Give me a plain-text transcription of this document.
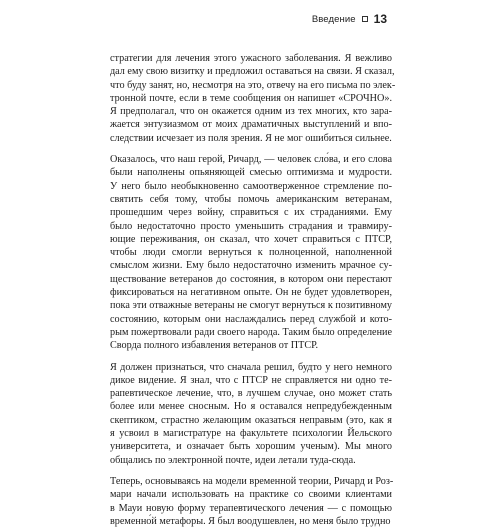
Введение 13

стратегии для лечения этого ужасного заболевания. Я вежливо
дал ему свою визитку и предложил оставаться на связи. Я сказал,
что буду занят, но, несмотря на это, отвечу на его письма по элек-
тронной почте, если в теме сообщения он напишет «СРОЧНО».
Я предполагал, что он окажется одним из тех многих, кто зара-
жается энтузиазмом от моих драматичных выступлений и впо-
следствии исчезает из поля зрения. Я не мог ошибиться сильнее.

Оказалось, что наш герой, Ричард, — человек сло́ва, и его слова
были наполнены опьяняющей смесью оптимизма и мудрости.
У него было необыкновенно самоотверженное стремление по-
святить себя тому, чтобы помочь американским ветеранам,
прошедшим через войну, справиться с их страданиями. Ему
было недостаточно просто уменьшить страдания и травмиру-
ющие переживания, он сказал, что хочет справиться с ПТСР,
чтобы люди смогли вернуться к полноценной, наполненной
смыслом жизни. Ему было недостаточно изменить мрачное су-
ществование ветеранов до состояния, в котором они перестают
фиксироваться на негативном опыте. Он не будет удовлетворен,
пока эти отважные ветераны не смогут вернуться к позитивному
состоянию, которым они наслаждались перед службой и кото-
рым пожертвовали ради своего народа. Таким было определение
Сворда полного избавления ветеранов от ПТСР.

Я должен признаться, что сначала решил, будто у него немного
дикое видение. Я знал, что с ПТСР не справляется ни одно те-
рапевтическое лечение, что, в лучшем случае, оно может стать
более или менее сносным. Но я оставался непредубежденным
скептиком, страстно желающим оказаться неправым (это, как я
я усвоил в магистратуре на факультете психологии Йельского
университета, и означает быть хорошим ученым). Мы много
общались по электронной почте, идеи летали туда-сюда.

Теперь, основываясь на модели временной теории, Ричард и Роз-
мари начали использовать на практике со своими клиентами
в Мауи новую форму терапевтического лечения — с помощью
временно́й метафоры. Я был воодушевлен, но меня было трудно
